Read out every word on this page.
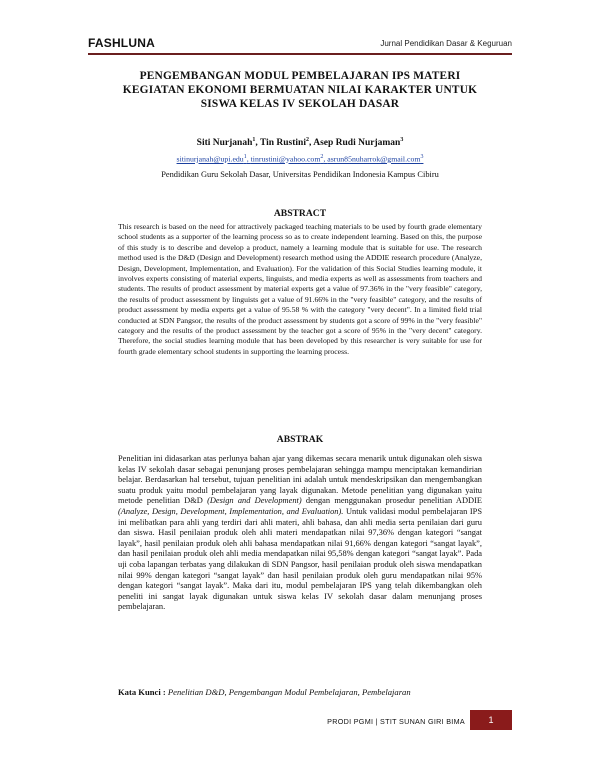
FASHLUNA	Jurnal Pendidikan Dasar & Keguruan
PENGEMBANGAN MODUL PEMBELAJARAN IPS MATERI
KEGIATAN EKONOMI BERMUATAN NILAI KARAKTER UNTUK
SISWA KELAS IV SEKOLAH DASAR
Siti Nurjanah$^1$, Tin Rustini$^2$, Asep Rudi Nurjaman$^3$
sitinurjanah@upi.edu$^1$, tinrustini@yahoo.com$^2$, asrun85nuharrok@gmail.com$^3$
Pendidikan Guru Sekolah Dasar, Universitas Pendidikan Indonesia Kampus Cibiru
ABSTRACT
This research is based on the need for attractively packaged teaching materials to be used by fourth grade elementary school students as a supporter of the learning process so as to create independent learning. Based on this, the purpose of this study is to describe and develop a product, namely a learning module that is suitable for use. The research method used is the D&D (Design and Development) research method using the ADDIE research procedure (Analyze, Design, Development, Implementation, and Evaluation). For the validation of this Social Studies learning module, it involves experts consisting of material experts, linguists, and media experts as well as assessments from teachers and students. The results of product assessment by material experts get a value of 97.36% in the "very feasible" category, the results of product assessment by linguists get a value of 91.66% in the "very feasible" category, and the results of product assessment by media experts get a value of 95.58 % with the category "very decent". In a limited field trial conducted at SDN Pangsor, the results of the product assessment by students got a score of 99% in the "very feasible" category and the results of the product assessment by the teacher got a score of 95% in the "very decent" category. Therefore, the social studies learning module that has been developed by this researcher is very suitable for use for fourth grade elementary school students in supporting the learning process.
ABSTRAK
Penelitian ini didasarkan atas perlunya bahan ajar yang dikemas secara menarik untuk digunakan oleh siswa kelas IV sekolah dasar sebagai penunjang proses pembelajaran sehingga mampu menciptakan kemandirian belajar. Berdasarkan hal tersebut, tujuan penelitian ini adalah untuk mendeskripsikan dan mengembangkan suatu produk yaitu modul pembelajaran yang layak digunakan. Metode penelitian yang digunakan yaitu metode penelitian D&D (Design and Development) dengan menggunakan prosedur penelitian ADDIE (Analyze, Design, Development, Implementation, and Evaluation). Untuk validasi modul pembelajaran IPS ini melibatkan para ahli yang terdiri dari ahli materi, ahli bahasa, dan ahli media serta penilaian dari guru dan siswa. Hasil penilaian produk oleh ahli materi mendapatkan nilai 97,36% dengan kategori “sangat layak”, hasil penilaian produk oleh ahli bahasa mendapatkan nilai 91,66% dengan kategori “sangat layak”, dan hasil penilaian produk oleh ahli media mendapatkan nilai 95,58% dengan kategori “sangat layak”. Pada uji coba lapangan terbatas yang dilakukan di SDN Pangsor, hasil penilaian produk oleh siswa mendapatkan nilai 99% dengan kategori “sangat layak” dan hasil penilaian produk oleh guru mendapatkan nilai 95% dengan kategori “sangat layak”. Maka dari itu, modul pembelajaran IPS yang telah dikembangkan oleh peneliti ini sangat layak digunakan untuk siswa kelas IV sekolah dasar dalam menunjang proses pembelajaran.
Kata Kunci : Penelitian D&D, Pengembangan Modul Pembelajaran, Pembelajaran
PRODI PGMI | STIT SUNAN GIRI BIMA	1
